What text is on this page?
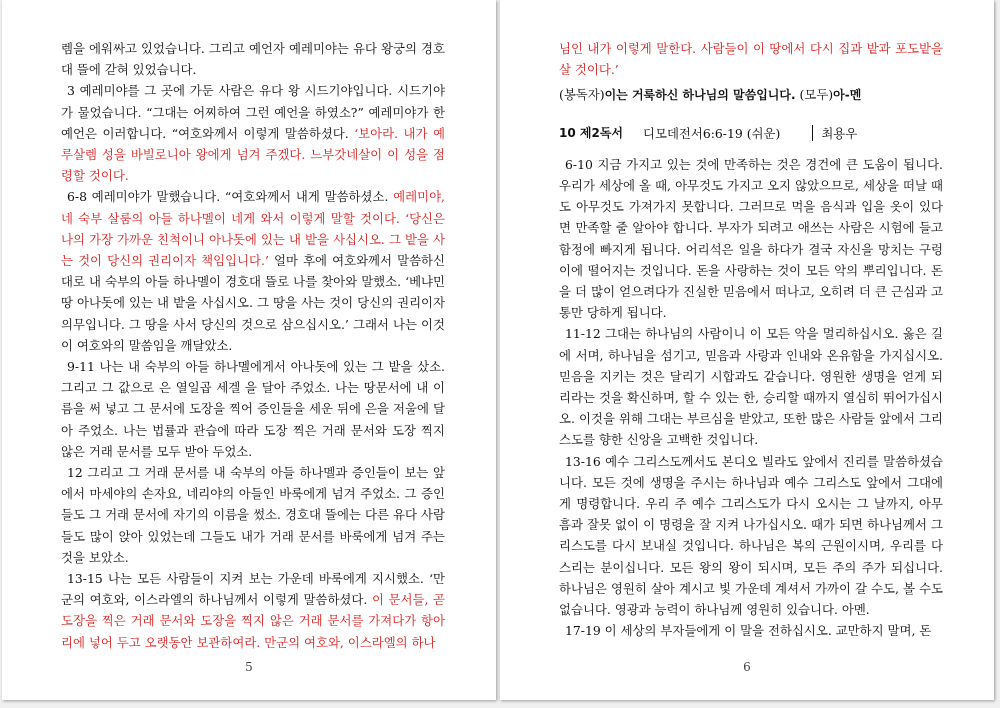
렘을 에워싸고 있었습니다. 그리고 예언자 예레미야는 유다 왕궁의 경호대 뜰에 갇혀 있었습니다.

3 예레미야를 그 곳에 가둔 사람은 유다 왕 시드기야입니다. 시드기야가 물었습니다. “그대는 어찌하여 그런 예언을 하였소?” 예레미야가 한 예언은 이러합니다. “여호와께서 이렇게 말씀하셨다. ‘보아라. 내가 예루살렘 성을 바빌로니아 왕에게 넘겨 주겠다. 느부갓네살이 이 성을 점령할 것이다.

6-8 예레미야가 말했습니다. “여호와께서 내게 말씀하셨소. 예레미야, 네 숙부 살룸의 아들 하나멜이 네게 와서 이렇게 말할 것이다. ‘당신은 나의 가장 가까운 친척이니 아나돗에 있는 내 밭을 사십시오. 그 밭을 사는 것이 당신의 권리이자 책임입니다.’ 얼마 후에 여호와께서 말씀하신 대로 내 숙부의 아들 하나멜이 경호대 뜰로 나를 찾아와 말했소. ‘베냐민 땅 아나돗에 있는 내 밭을 사십시오. 그 땅을 사는 것이 당신의 권리이자 의무입니다. 그 땅을 사서 당신의 것으로 삼으십시오.’ 그래서 나는 이것이 여호와의 말씀임을 깨달았소.

9-11 나는 내 숙부의 아들 하나멜에게서 아나돗에 있는 그 밭을 샀소. 그리고 그 값으로 은 열일곱 세겔 을 달아 주었소. 나는 땅문서에 내 이름을 써 넣고 그 문서에 도장을 찍어 증인들을 세운 뒤에 은을 저울에 달아 주었소. 나는 법률과 관습에 따라 도장 찍은 거래 문서와 도장 찍지 않은 거래 문서를 모두 받아 두었소.

12 그리고 그 거래 문서를 내 숙부의 아들 하나멜과 증인들이 보는 앞에서 마세야의 손자요, 네리야의 아들인 바룩에게 넘겨 주었소. 그 증인들도 그 거래 문서에 자기의 이름을 썼소. 경호대 뜰에는 다른 유다 사람들도 많이 앉아 있었는데 그들도 내가 거래 문서를 바룩에게 넘겨 주는 것을 보았소.

13-15 나는 모든 사람들이 지켜 보는 가운데 바룩에게 지시했소. ‘만군의 여호와, 이스라엘의 하나님께서 이렇게 말씀하셨다. 이 문서들, 곧 도장을 찍은 거래 문서와 도장을 찍지 않은 거래 문서를 가져다가 항아리에 넣어 두고 오랫동안 보관하여라. 만군의 여호와, 이스라엘의 하나

5

님인 내가 이렇게 말한다. 사람들이 이 땅에서 다시 집과 밭과 포도밭을 살 것이다.’

(봉독자)이는 거룩하신 하나님의 말씀입니다. (모두)아-멘

10 제2독서 디모데전서6:6-19 (쉬운)	최용우

6-10 지금 가지고 있는 것에 만족하는 것은 경건에 큰 도움이 됩니다. 우리가 세상에 올 때, 아무것도 가지고 오지 않았으므로, 세상을 떠날 때도 아무것도 가져가지 못합니다. 그러므로 먹을 음식과 입을 옷이 있다면 만족할 줄 알아야 합니다. 부자가 되려고 애쓰는 사람은 시험에 들고 함정에 빠지게 됩니다. 어리석은 일을 하다가 결국 자신을 망치는 구렁이에 떨어지는 것입니다. 돈을 사랑하는 것이 모든 악의 뿌리입니다. 돈을 더 많이 얻으려다가 진실한 믿음에서 떠나고, 오히려 더 큰 근심과 고통만 당하게 됩니다.

11-12 그대는 하나님의 사람이니 이 모든 악을 멀리하십시오. 옳은 길에 서며, 하나님을 섬기고, 믿음과 사랑과 인내와 온유함을 가지십시오. 믿음을 지키는 것은 달리기 시합과도 같습니다. 영원한 생명을 얻게 되리라는 것을 확신하며, 할 수 있는 한, 승리할 때까지 열심히 뛰어가십시오. 이것을 위해 그대는 부르심을 받았고, 또한 많은 사람들 앞에서 그리스도를 향한 신앙을 고백한 것입니다.

13-16 예수 그리스도께서도 본디오 빌라도 앞에서 진리를 말씀하셨습니다. 모든 것에 생명을 주시는 하나님과 예수 그리스도 앞에서 그대에게 명령합니다. 우리 주 예수 그리스도가 다시 오시는 그 날까지, 아무 흠과 잘못 없이 이 명령을 잘 지켜 나가십시오. 때가 되면 하나님께서 그리스도를 다시 보내실 것입니다. 하나님은 복의 근원이시며, 우리를 다스리는 분이십니다. 모든 왕의 왕이 되시며, 모든 주의 주가 되십니다. 하나님은 영원히 살아 계시고 빛 가운데 계셔서 가까이 갈 수도, 볼 수도 없습니다. 영광과 능력이 하나님께 영원히 있습니다. 아멘.

17-19 이 세상의 부자들에게 이 말을 전하십시오. 교만하지 말며, 돈

6
